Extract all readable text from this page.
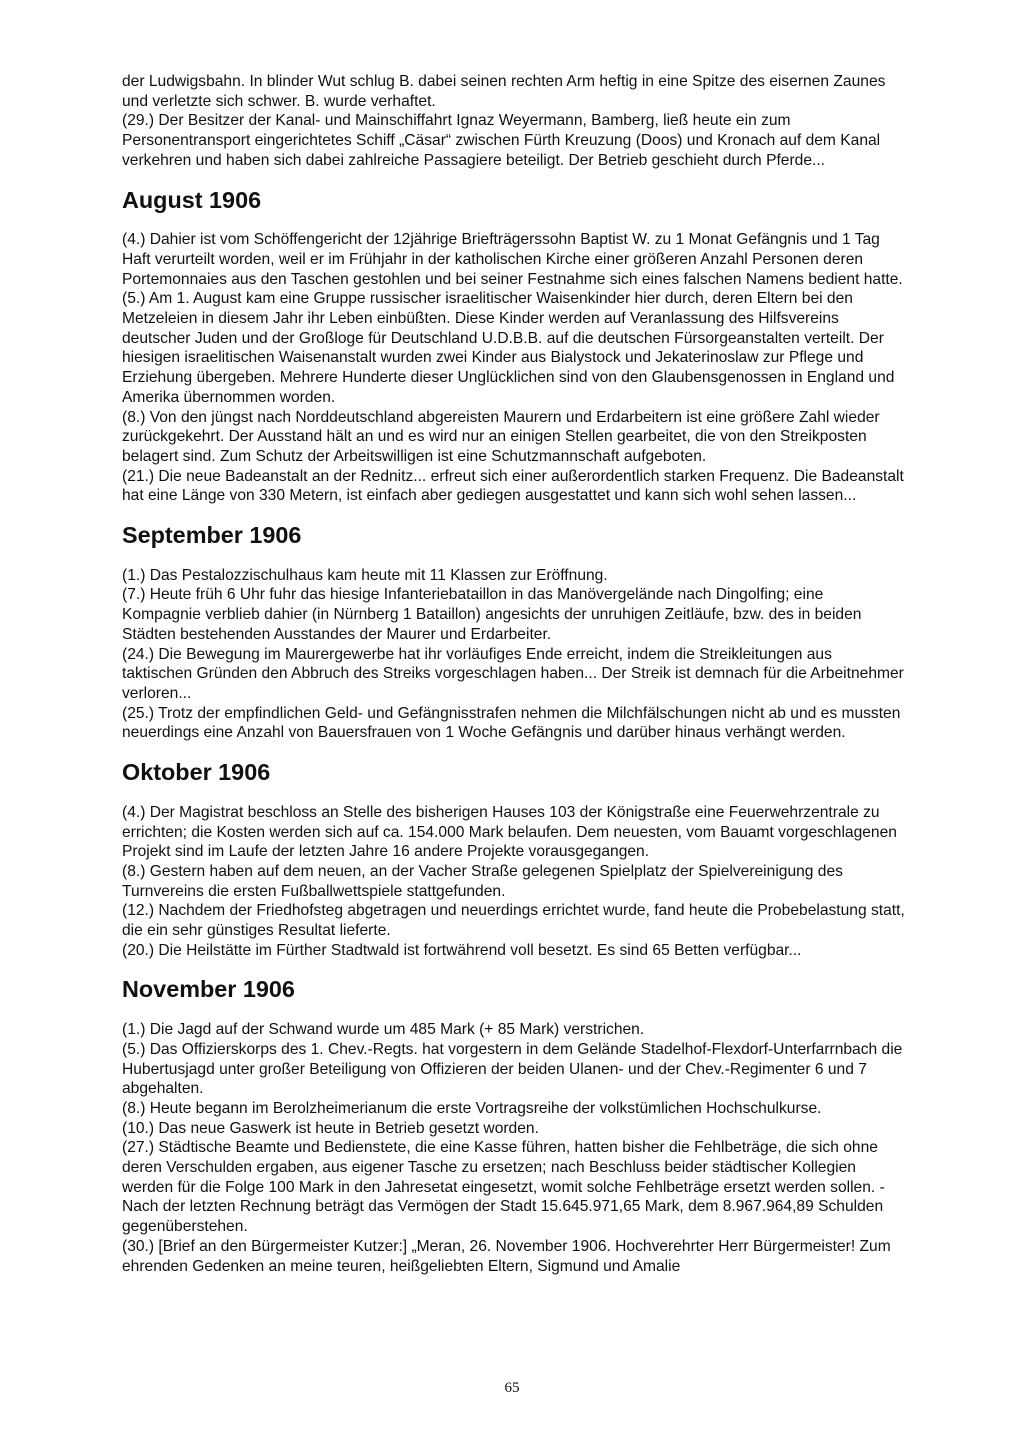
der Ludwigsbahn. In blinder Wut schlug B. dabei seinen rechten Arm heftig in eine Spitze des eisernen Zaunes und verletzte sich schwer. B. wurde verhaftet.

(29.) Der Besitzer der Kanal- und Mainschiffahrt Ignaz Weyermann, Bamberg, ließ heute ein zum Personentransport eingerichtetes Schiff „Cäsar“ zwischen Fürth Kreuzung (Doos) und Kronach auf dem Kanal verkehren und haben sich dabei zahlreiche Passagiere beteiligt. Der Betrieb geschieht durch Pferde...

August 1906

(4.) Dahier ist vom Schöffengericht der 12jährige Briefträgerssohn Baptist W. zu 1 Monat Gefängnis und 1 Tag Haft verurteilt worden, weil er im Frühjahr in der katholischen Kirche einer größeren Anzahl Personen deren Portemonnaies aus den Taschen gestohlen und bei seiner Festnahme sich eines falschen Namens bedient hatte.

(5.) Am 1. August kam eine Gruppe russischer israelitischer Waisenkinder hier durch, deren Eltern bei den Metzeleien in diesem Jahr ihr Leben einbüßten. Diese Kinder werden auf Veranlassung des Hilfsvereins deutscher Juden und der Großloge für Deutschland U.D.B.B. auf die deutschen Fürsorgeanstalten verteilt. Der hiesigen israelitischen Waisenanstalt wurden zwei Kinder aus Bialystock und Jekaterinoslaw zur Pflege und Erziehung übergeben. Mehrere Hunderte dieser Unglücklichen sind von den Glaubensgenossen in England und Amerika übernommen worden.

(8.) Von den jüngst nach Norddeutschland abgereisten Maurern und Erdarbeitern ist eine größere Zahl wieder zurückgekehrt. Der Ausstand hält an und es wird nur an einigen Stellen gearbeitet, die von den Streikposten belagert sind. Zum Schutz der Arbeitswilligen ist eine Schutzmannschaft aufgeboten.

(21.) Die neue Badeanstalt an der Rednitz... erfreut sich einer außerordentlich starken Frequenz. Die Badeanstalt hat eine Länge von 330 Metern, ist einfach aber gediegen ausgestattet und kann sich wohl sehen lassen...

September 1906

(1.) Das Pestalozzischulhaus kam heute mit 11 Klassen zur Eröffnung.

(7.) Heute früh 6 Uhr fuhr das hiesige Infanteriebataillon in das Manövergelände nach Dingolfing; eine Kompagnie verblieb dahier (in Nürnberg 1 Bataillon) angesichts der unruhigen Zeitläufe, bzw. des in beiden Städten bestehenden Ausstandes der Maurer und Erdarbeiter.

(24.) Die Bewegung im Maurergewerbe hat ihr vorläufiges Ende erreicht, indem die Streikleitungen aus taktischen Gründen den Abbruch des Streiks vorgeschlagen haben... Der Streik ist demnach für die Arbeitnehmer verloren...

(25.) Trotz der empfindlichen Geld- und Gefängnisstrafen nehmen die Milchfälschungen nicht ab und es mussten neuerdings eine Anzahl von Bauersfrauen von 1 Woche Gefängnis und darüber hinaus verhängt werden.

Oktober 1906

(4.) Der Magistrat beschloss an Stelle des bisherigen Hauses 103 der Königstraße eine Feuerwehrzentrale zu errichten; die Kosten werden sich auf ca. 154.000 Mark belaufen. Dem neuesten, vom Bauamt vorgeschlagenen Projekt sind im Laufe der letzten Jahre 16 andere Projekte vorausgegangen.

(8.) Gestern haben auf dem neuen, an der Vacher Straße gelegenen Spielplatz der Spielvereinigung des Turnvereins die ersten Fußballwettspiele stattgefunden.

(12.) Nachdem der Friedhofsteg abgetragen und neuerdings errichtet wurde, fand heute die Probebelastung statt, die ein sehr günstiges Resultat lieferte.

(20.) Die Heilstätte im Fürther Stadtwald ist fortwährend voll besetzt. Es sind 65 Betten verfügbar...

November 1906

(1.) Die Jagd auf der Schwand wurde um 485 Mark (+ 85 Mark) verstrichen.

(5.) Das Offizierskorps des 1. Chev.-Regts. hat vorgestern in dem Gelände Stadelhof-Flexdorf-Unterfarrnbach die Hubertusjagd unter großer Beteiligung von Offizieren der beiden Ulanen- und der Chev.-Regimenter 6 und 7 abgehalten.

(8.) Heute begann im Berolzheimerianum die erste Vortragsreihe der volkstümlichen Hochschulkurse.

(10.) Das neue Gaswerk ist heute in Betrieb gesetzt worden.

(27.) Städtische Beamte und Bedienstete, die eine Kasse führen, hatten bisher die Fehlbeträge, die sich ohne deren Verschulden ergaben, aus eigener Tasche zu ersetzen; nach Beschluss beider städtischer Kollegien werden für die Folge 100 Mark in den Jahresetat eingesetzt, womit solche Fehlbeträge ersetzt werden sollen. - Nach der letzten Rechnung beträgt das Vermögen der Stadt 15.645.971,65 Mark, dem 8.967.964,89 Schulden gegenüberstehen.

(30.) [Brief an den Bürgermeister Kutzer:] „Meran, 26. November 1906. Hochverehrter Herr Bürgermeister! Zum ehrenden Gedenken an meine teuren, heißgeliebten Eltern, Sigmund und Amalie

65
